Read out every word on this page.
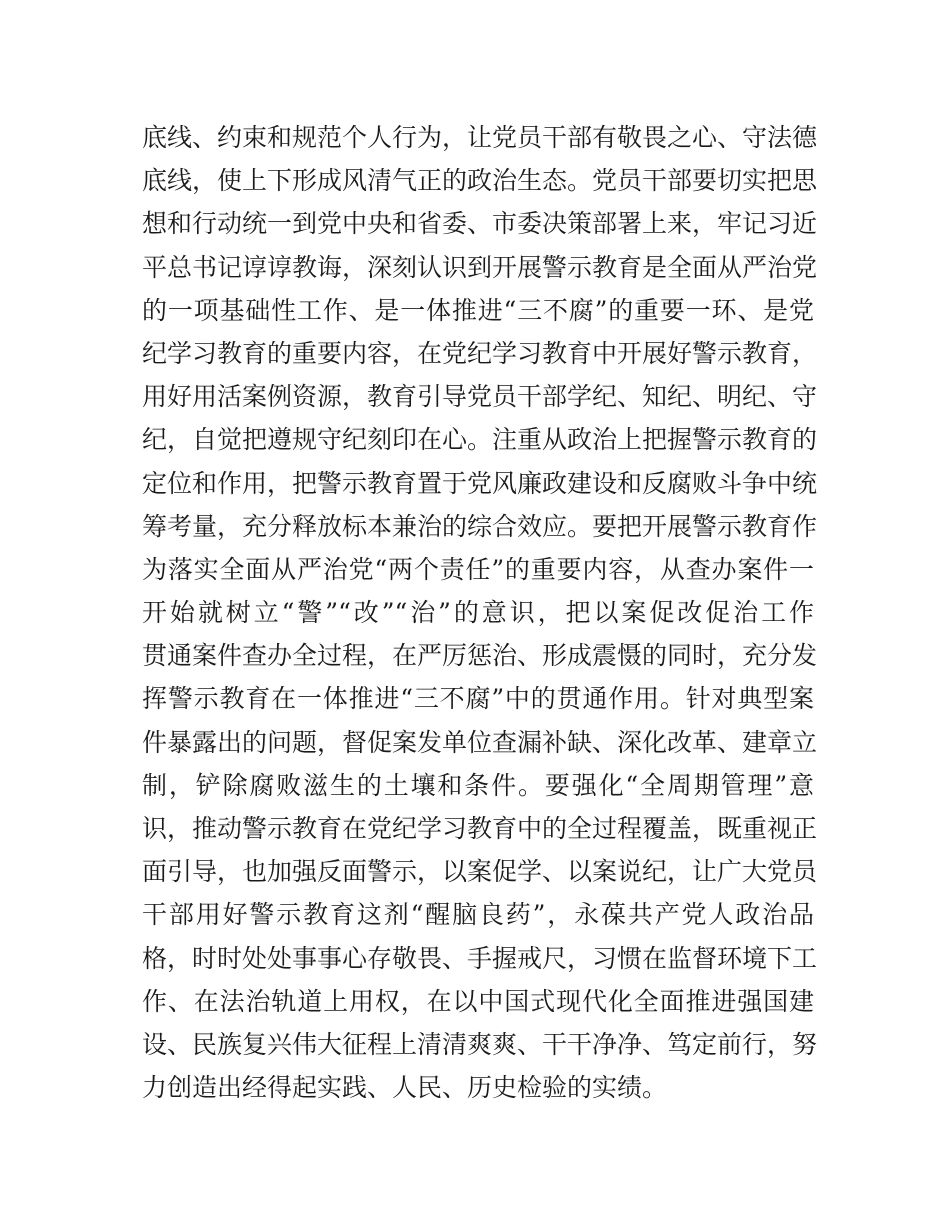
底线、约束和规范个人行为，让党员干部有敬畏之心、守法德
底线，使上下形成风清气正的政治生态。党员干部要切实把思
想和行动统一到党中央和省委、市委决策部署上来，牢记习近
平总书记谆谆教诲，深刻认识到开展警示教育是全面从严治党
的一项基础性工作、是一体推进“三不腐”的重要一环、是党
纪学习教育的重要内容，在党纪学习教育中开展好警示教育，
用好用活案例资源，教育引导党员干部学纪、知纪、明纪、守
纪，自觉把遵规守纪刻印在心。注重从政治上把握警示教育的
定位和作用，把警示教育置于党风廉政建设和反腐败斗争中统
筹考量，充分释放标本兼治的综合效应。要把开展警示教育作
为落实全面从严治党“两个责任”的重要内容，从查办案件一
开始就树立“警”“改”“治”的意识，把以案促改促治工作
贯通案件查办全过程，在严厉惩治、形成震慑的同时，充分发
挥警示教育在一体推进“三不腐”中的贯通作用。针对典型案
件暴露出的问题，督促案发单位查漏补缺、深化改革、建章立
制，铲除腐败滋生的土壤和条件。要强化“全周期管理”意
识，推动警示教育在党纪学习教育中的全过程覆盖，既重视正
面引导，也加强反面警示，以案促学、以案说纪，让广大党员
干部用好警示教育这剂“醒脑良药”，永葆共产党人政治品
格，时时处处事事心存敬畏、手握戒尺，习惯在监督环境下工
作、在法治轨道上用权，在以中国式现代化全面推进强国建
设、民族复兴伟大征程上清清爽爽、干干净净、笃定前行，努
力创造出经得起实践、人民、历史检验的实绩。
